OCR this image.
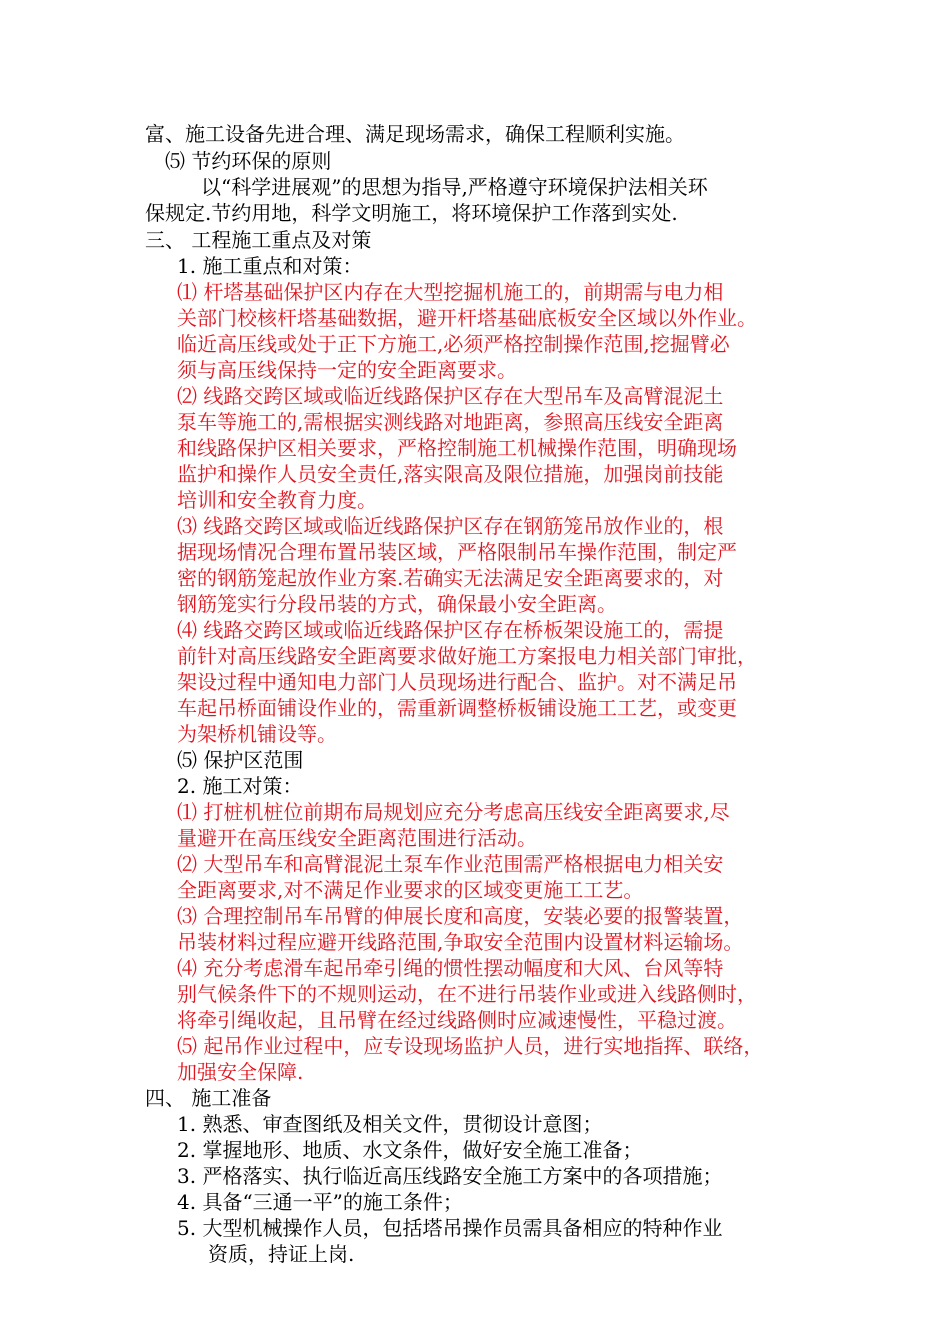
富、施工设备先进合理、满足现场需求，确保工程顺利实施。
⑸ 节约环保的原则
以“科学进展观”的思想为指导,严格遵守环境保护法相关环
保规定.节约用地，科学文明施工，将环境保护工作落到实处.
三、 工程施工重点及对策
1. 施工重点和对策：
⑴ 杆塔基础保护区内存在大型挖掘机施工的，前期需与电力相
关部门校核杆塔基础数据，避开杆塔基础底板安全区域以外作业。
临近高压线或处于正下方施工,必须严格控制操作范围,挖掘臂必
须与高压线保持一定的安全距离要求。
⑵ 线路交跨区域或临近线路保护区存在大型吊车及高臂混泥土
泵车等施工的,需根据实测线路对地距离，参照高压线安全距离
和线路保护区相关要求，严格控制施工机械操作范围，明确现场
监护和操作人员安全责任,落实限高及限位措施，加强岗前技能
培训和安全教育力度。
⑶ 线路交跨区域或临近线路保护区存在钢筋笼吊放作业的，根
据现场情况合理布置吊装区域，严格限制吊车操作范围，制定严
密的钢筋笼起放作业方案.若确实无法满足安全距离要求的，对
钢筋笼实行分段吊装的方式，确保最小安全距离。
⑷ 线路交跨区域或临近线路保护区存在桥板架设施工的，需提
前针对高压线路安全距离要求做好施工方案报电力相关部门审批，
架设过程中通知电力部门人员现场进行配合、监护。对不满足吊
车起吊桥面铺设作业的，需重新调整桥板铺设施工工艺，或变更
为架桥机铺设等。
⑸ 保护区范围
2. 施工对策：
⑴ 打桩机桩位前期布局规划应充分考虑高压线安全距离要求,尽
量避开在高压线安全距离范围进行活动。
⑵ 大型吊车和高臂混泥土泵车作业范围需严格根据电力相关安
全距离要求,对不满足作业要求的区域变更施工工艺。
⑶ 合理控制吊车吊臂的伸展长度和高度，安装必要的报警装置，
吊装材料过程应避开线路范围,争取安全范围内设置材料运输场。
⑷ 充分考虑滑车起吊牵引绳的惯性摆动幅度和大风、台风等特
别气候条件下的不规则运动，在不进行吊装作业或进入线路侧时，
将牵引绳收起，且吊臂在经过线路侧时应减速慢性，平稳过渡。
⑸ 起吊作业过程中，应专设现场监护人员，进行实地指挥、联络，
加强安全保障.
四、 施工准备
1. 熟悉、审查图纸及相关文件，贯彻设计意图；
2. 掌握地形、地质、水文条件，做好安全施工准备；
3. 严格落实、执行临近高压线路安全施工方案中的各项措施；
4. 具备“三通一平”的施工条件；
5. 大型机械操作人员，包括塔吊操作员需具备相应的特种作业
资质，持证上岗.
